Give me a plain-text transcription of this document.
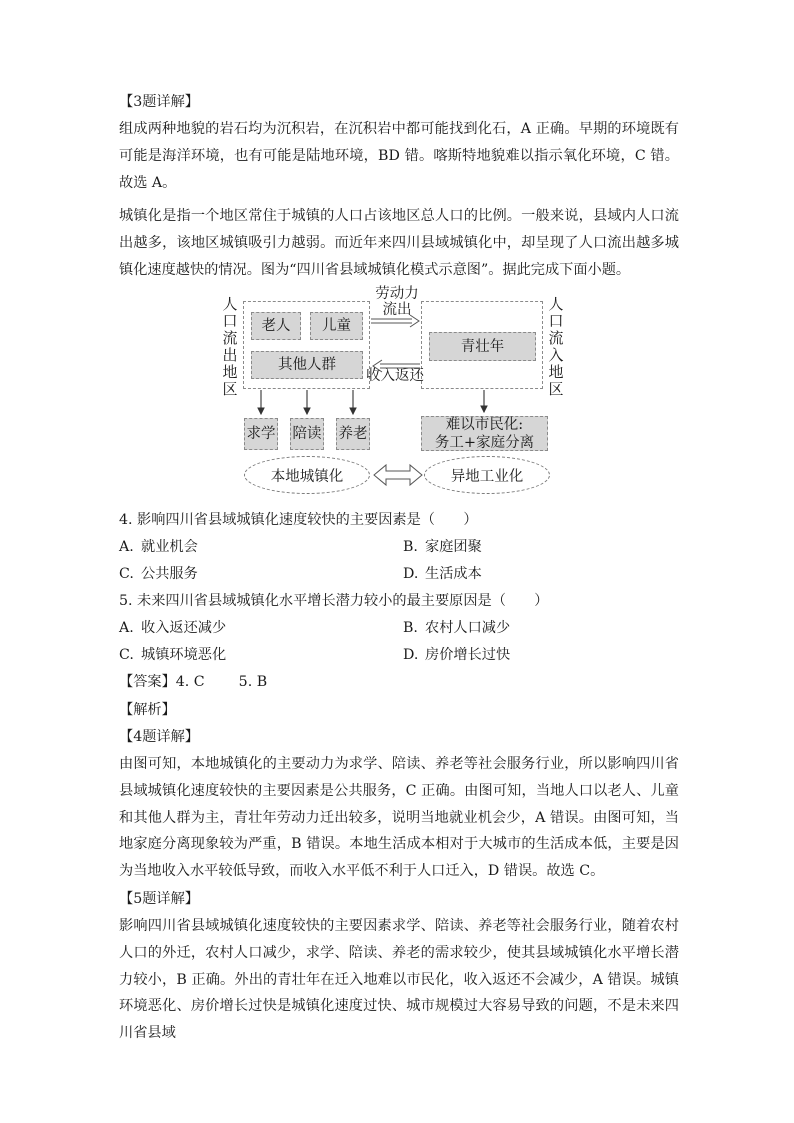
【3题详解】

组成两种地貌的岩石均为沉积岩，在沉积岩中都可能找到化石，A 正确。早期的环境既有可能是海洋环境，也有可能是陆地环境，BD 错。喀斯特地貌难以指示氧化环境，C 错。故选 A。

城镇化是指一个地区常住于城镇的人口占该地区总人口的比例。一般来说，县域内人口流出越多，该地区城镇吸引力越弱。而近年来四川县域城镇化中，却呈现了人口流出越多城镇化速度越快的情况。图为“四川省县域城镇化模式示意图”。据此完成下面小题。

人口流出地区
人口流入地区
老人	儿童
其他人群
青壮年
劳动力流出
收入返还
求学 陪读 养老
难以市民化:
务工+家庭分离
本地城镇化	异地工业化
4. 影响四川省县域城镇化速度较快的主要因素是（　　）
A. 就业机会	B. 家庭团聚
C. 公共服务	D. 生活成本
5. 未来四川省县域城镇化水平增长潜力较小的最主要原因是（　　）
A. 收入返还减少	B. 农村人口减少
C. 城镇环境恶化	D. 房价增长过快
【答案】4. C 5. B
【解析】
【4题详解】

由图可知，本地城镇化的主要动力为求学、陪读、养老等社会服务行业，所以影响四川省县域城镇化速度较快的主要因素是公共服务，C 正确。由图可知，当地人口以老人、儿童和其他人群为主，青壮年劳动力迁出较多，说明当地就业机会少，A 错误。由图可知，当地家庭分离现象较为严重，B 错误。本地生活成本相对于大城市的生活成本低，主要是因为当地收入水平较低导致，而收入水平低不利于人口迁入，D 错误。故选 C。

【5题详解】

影响四川省县域城镇化速度较快的主要因素求学、陪读、养老等社会服务行业，随着农村人口的外迁，农村人口减少，求学、陪读、养老的需求较少，使其县域城镇化水平增长潜力较小，B 正确。外出的青壮年在迁入地难以市民化，收入返还不会减少，A 错误。城镇环境恶化、房价增长过快是城镇化速度过快、城市规模过大容易导致的问题，不是未来四川省县域
